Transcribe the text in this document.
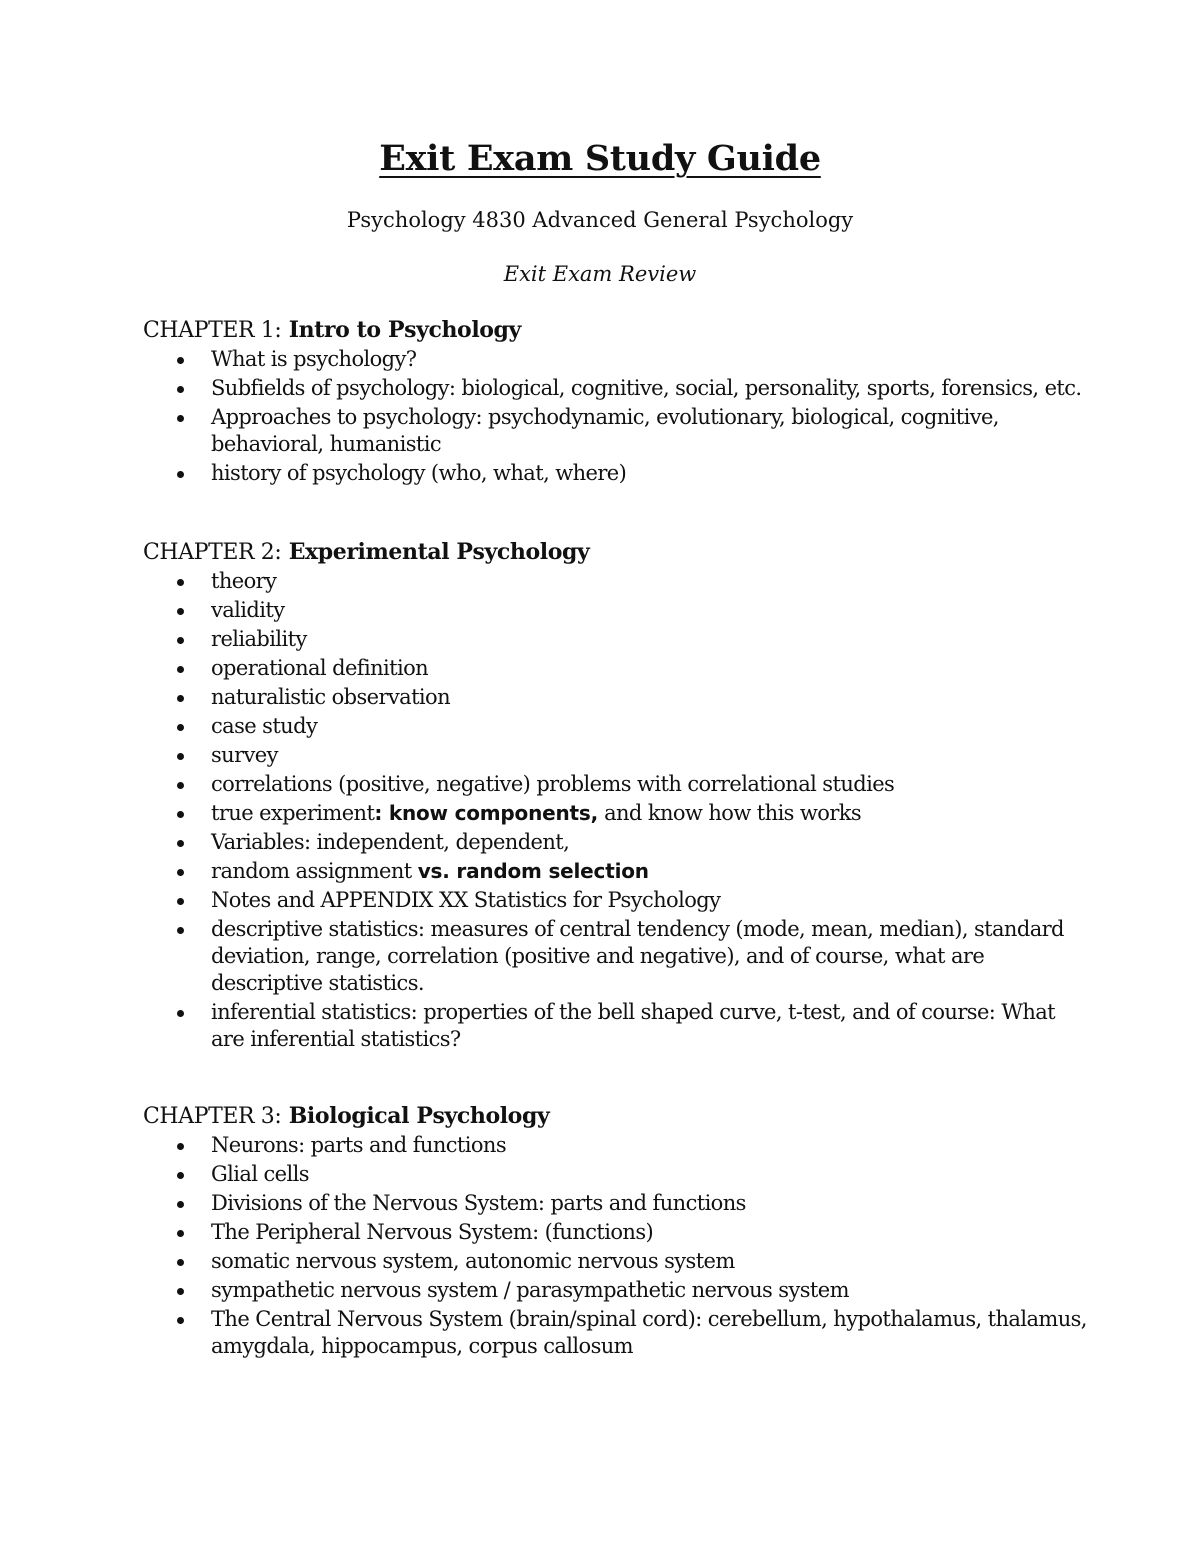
Exit Exam Study Guide

Psychology 4830 Advanced General Psychology

Exit Exam Review

CHAPTER 1: Intro to Psychology
What is psychology?
Subfields of psychology: biological, cognitive, social, personality, sports, forensics, etc.
Approaches to psychology: psychodynamic, evolutionary, biological, cognitive, behavioral, humanistic
history of psychology (who, what, where)
CHAPTER 2: Experimental Psychology
theory
validity
reliability
operational definition
naturalistic observation
case study
survey
correlations (positive, negative) problems with correlational studies
true experiment: know components, and know how this works
Variables: independent, dependent,
random assignment vs. random selection
Notes and APPENDIX XX Statistics for Psychology
descriptive statistics: measures of central tendency (mode, mean, median), standard deviation, range, correlation (positive and negative), and of course, what are descriptive statistics.
inferential statistics: properties of the bell shaped curve, t-test, and of course: What are inferential statistics?
CHAPTER 3: Biological Psychology
Neurons: parts and functions
Glial cells
Divisions of the Nervous System: parts and functions
The Peripheral Nervous System: (functions)
somatic nervous system, autonomic nervous system
sympathetic nervous system / parasympathetic nervous system
The Central Nervous System (brain/spinal cord): cerebellum, hypothalamus, thalamus, amygdala, hippocampus, corpus callosum
